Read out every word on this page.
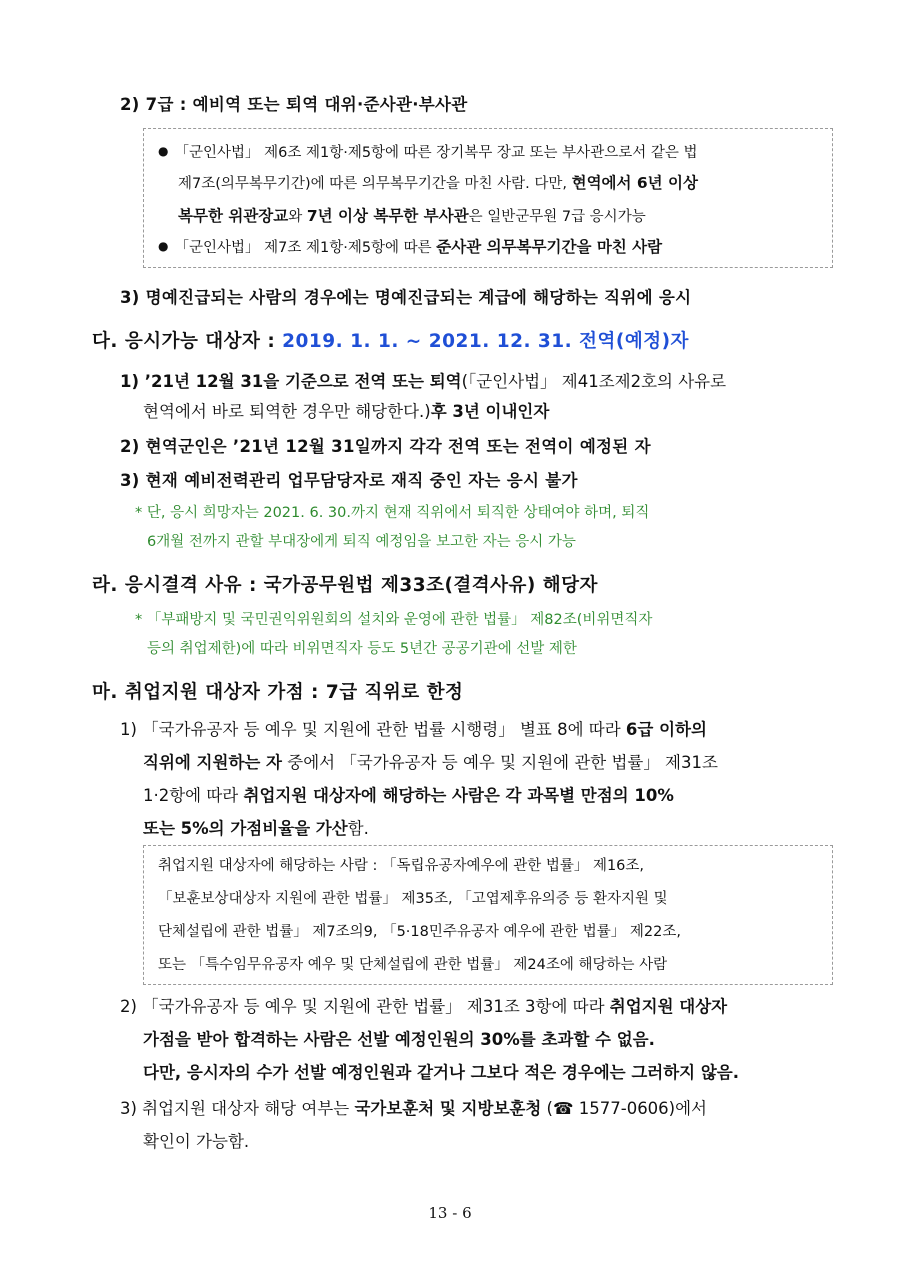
2) 7급 : 예비역 또는 퇴역 대위·준사관·부사관
● 「군인사법」 제6조 제1항·제5항에 따른 장기복무 장교 또는 부사관으로서 같은 법
제7조(의무복무기간)에 따른 의무복무기간을 마친 사람. 다만, 현역에서 6년 이상
복무한 위관장교와 7년 이상 복무한 부사관은 일반군무원 7급 응시가능
● 「군인사법」 제7조 제1항·제5항에 따른 준사관 의무복무기간을 마친 사람
3) 명예진급되는 사람의 경우에는 명예진급되는 계급에 해당하는 직위에 응시
다. 응시가능 대상자 : 2019. 1. 1. ~ 2021. 12. 31. 전역(예정)자
1) ’21년 12월 31을 기준으로 전역 또는 퇴역(「군인사법」 제41조제2호의 사유로
현역에서 바로 퇴역한 경우만 해당한다.)후 3년 이내인자
2) 현역군인은 ’21년 12월 31일까지 각각 전역 또는 전역이 예정된 자
3) 현재 예비전력관리 업무담당자로 재직 중인 자는 응시 불가
* 단, 응시 희망자는 2021. 6. 30.까지 현재 직위에서 퇴직한 상태여야 하며, 퇴직
6개월 전까지 관할 부대장에게 퇴직 예정임을 보고한 자는 응시 가능
라. 응시결격 사유 : 국가공무원법 제33조(결격사유) 해당자
* 「부패방지 및 국민권익위원회의 설치와 운영에 관한 법률」 제82조(비위면직자
등의 취업제한)에 따라 비위면직자 등도 5년간 공공기관에 선발 제한
마. 취업지원 대상자 가점 : 7급 직위로 한정
1) 「국가유공자 등 예우 및 지원에 관한 법률 시행령」 별표 8에 따라 6급 이하의
직위에 지원하는 자 중에서 「국가유공자 등 예우 및 지원에 관한 법률」 제31조
1·2항에 따라 취업지원 대상자에 해당하는 사람은 각 과목별 만점의 10%
또는 5%의 가점비율을 가산함.
취업지원 대상자에 해당하는 사람 : 「독립유공자예우에 관한 법률」 제16조,
「보훈보상대상자 지원에 관한 법률」 제35조, 「고엽제후유의증 등 환자지원 및
단체설립에 관한 법률」 제7조의9, 「5·18민주유공자 예우에 관한 법률」 제22조,
또는 「특수임무유공자 예우 및 단체설립에 관한 법률」 제24조에 해당하는 사람
2) 「국가유공자 등 예우 및 지원에 관한 법률」 제31조 3항에 따라 취업지원 대상자
가점을 받아 합격하는 사람은 선발 예정인원의 30%를 초과할 수 없음.
다만, 응시자의 수가 선발 예정인원과 같거나 그보다 적은 경우에는 그러하지 않음.
3) 취업지원 대상자 해당 여부는 국가보훈처 및 지방보훈청 (☎ 1577-0606)에서
확인이 가능함.
13 - 6
